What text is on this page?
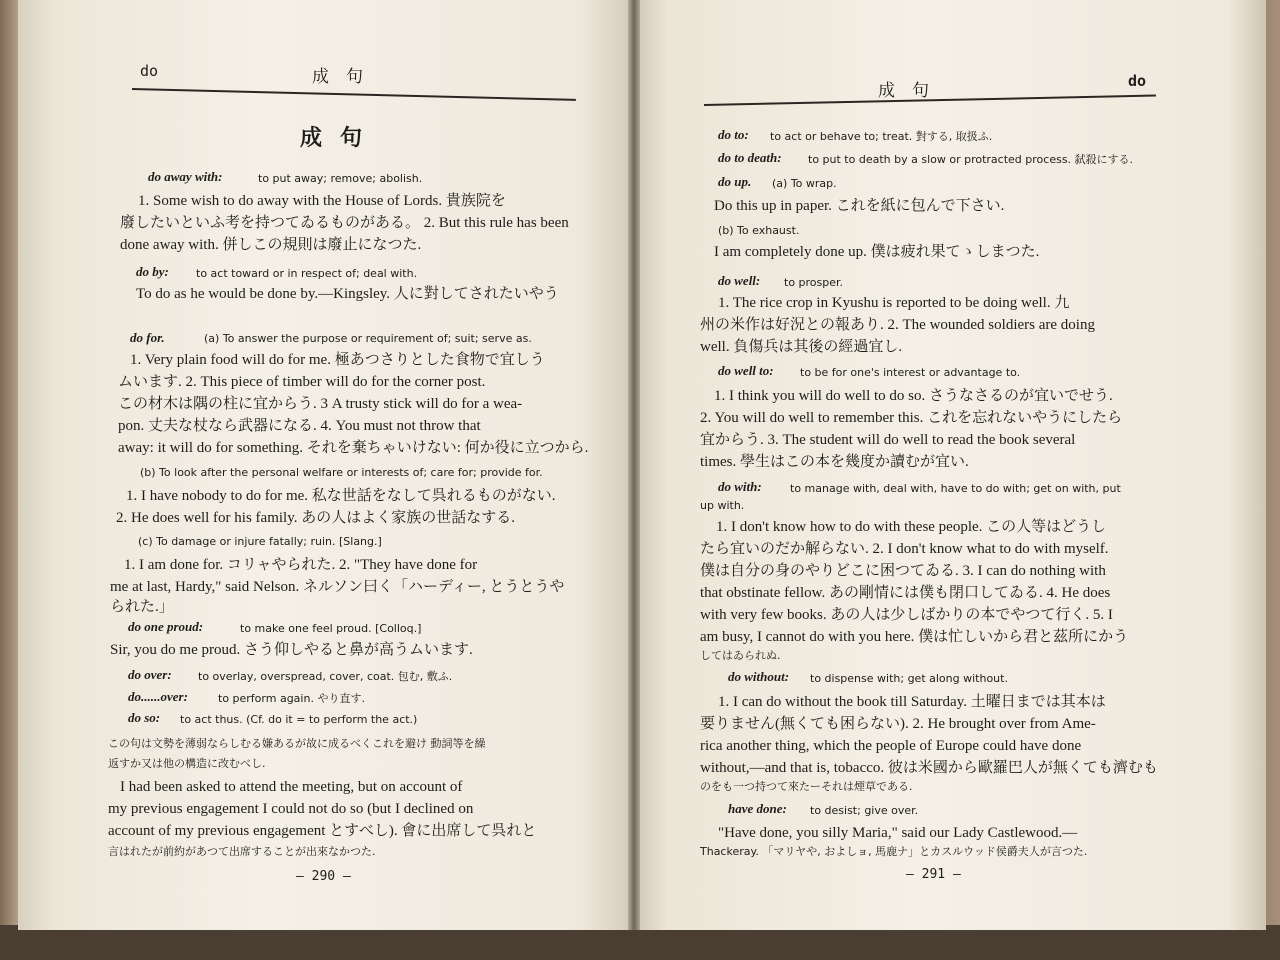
do	成　句
成句
— 290 —
do away with:	to put away; remove; abolish.
1. Some wish to do away with the House of Lords. 貴族院を
廢したいといふ考を持つてゐるものがある。 2. But this rule has been
done away with. 併しこの規則は廢止になつた.
do by: to act toward or in respect of; deal with.
To do as he would be done by.—Kingsley. 人に對してされたいやう
do for.	(a) To answer the purpose or requirement of; suit; serve as.
1. Very plain food will do for me. 極あつさりとした食物で宜しう
ムいます. 2. This piece of timber will do for the corner post.
この材木は隅の柱に宜からう. 3 A trusty stick will do for a wea-
pon. 丈夫な杖なら武器になる. 4. You must not throw that
away: it will do for something. それを棄ちゃいけない: 何か役に立つから.
(b) To look after the personal welfare or interests of; care for; provide for.
1. I have nobody to do for me. 私な世話をなして呉れるものがない.
2. He does well for his family. あの人はよく家族の世話なする.
(c) To damage or injure fatally; ruin. [Slang.]
1. I am done for. コリャやられた. 2. "They have done for
me at last, Hardy," said Nelson. ネルソン曰く「ハーディー, とうとうや
られた.」
do one proud:	to make one feel proud. [Colloq.]
Sir, you do me proud. さう仰しやると鼻が高うムいます.
do over: to overlay, overspread, cover, coat. 包む, 敷ふ.
do......over:	to perform again. やり直す.
do so: to act thus. (Cf. do it = to perform the act.)
この句は文勢を薄弱ならしむる嫌あるが故に成るべくこれを避け 動詞等を繰
返すか又は他の構造に改むべし.
I had been asked to attend the meeting, but on account of
my previous engagement I could not do so (but I declined on
account of my previous engagement とすべし). 會に出席して呉れと
言はれたが前約があつて出席することが出來なかつた.
成　句	do
— 291 —
do to: to act or behave to; treat. 對する, 取扱ふ.
do to death: to put to death by a slow or protracted process. 弑殺にする.
do up. (a) To wrap.
Do this up in paper. これを紙に包んで下さい.
(b) To exhaust.
I am completely done up. 僕は疲れ果てゝしまつた.
do well: to prosper.
1. The rice crop in Kyushu is reported to be doing well. 九
州の米作は好況との報あり. 2. The wounded soldiers are doing
well. 負傷兵は其後の經過宜し.
do well to: to be for one's interest or advantage to.
1. I think you will do well to do so. さうなさるのが宜いでせう.
2. You will do well to remember this. これを忘れないやうにしたら
宜からう. 3. The student will do well to read the book several
times. 學生はこの本を幾度か讀むが宜い.
do with:	to manage with, deal with, have to do with; get on with, put
up with.
1. I don't know how to do with these people. この人等はどうし
たら宜いのだか解らない. 2. I don't know what to do with myself.
僕は自分の身のやりどこに困つてゐる. 3. I can do nothing with
that obstinate fellow. あの剛情には僕も閉口してゐる. 4. He does
with very few books. あの人は少しばかりの本でやつて行く. 5. I
am busy, I cannot do with you here. 僕は忙しいから君と茲所にかう
してはゐられぬ.
do without: to dispense with; get along without.
1. I can do without the book till Saturday. 土曜日までは其本は
要りません(無くても困らない). 2. He brought over from Ame-
rica another thing, which the people of Europe could have done
without,—and that is, tobacco. 彼は米國から歐羅巴人が無くても濟むも
のをも一つ持つて來たーそれは煙草である.
have done: to desist; give over.
"Have done, you silly Maria," said our Lady Castlewood.—
Thackeray. 「マリヤや, およしョ, 馬鹿ナ」とカスルウッド侯爵夫人が言つた.
